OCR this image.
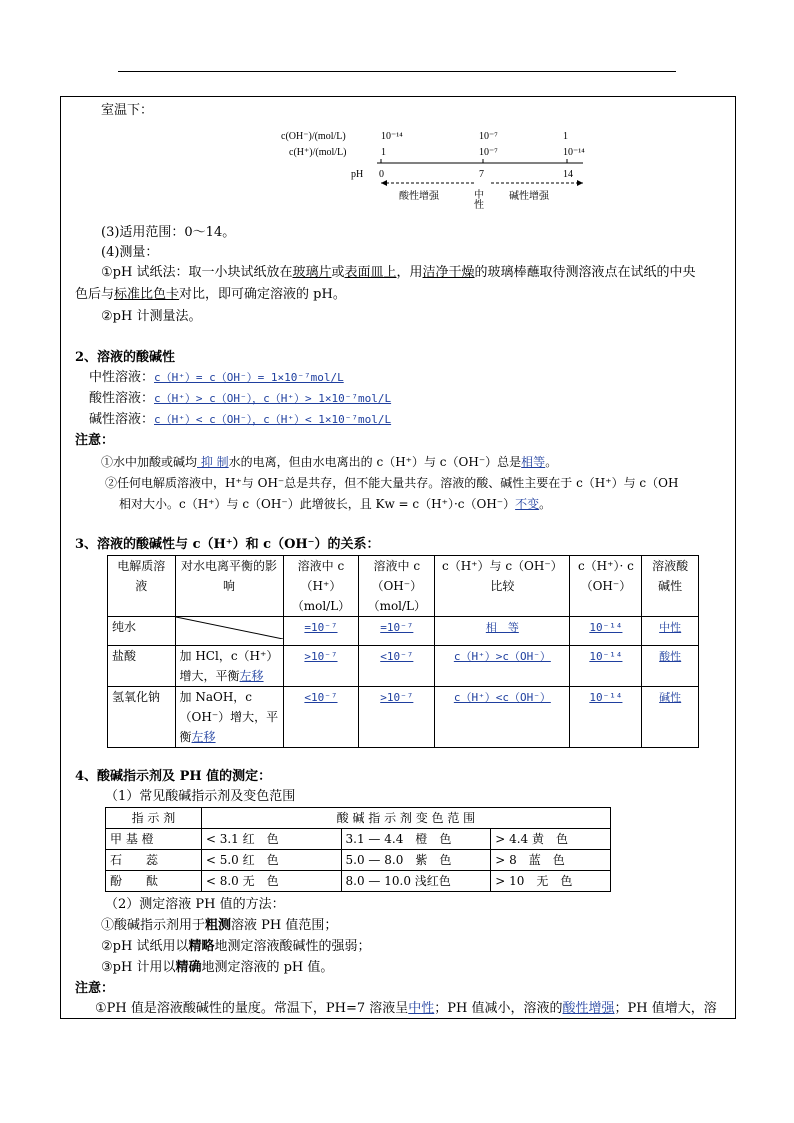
室温下：
c(OH⁻)/(mol/L)	10⁻¹⁴	10⁻⁷	1
c(H⁺)/(mol/L)	1	10⁻⁷	10⁻¹⁴
pH 0	7	14
酸性增强	中性	碱性增强
(3)适用范围：0～14。
(4)测量：
①pH 试纸法：取一小块试纸放在玻璃片或表面皿上，用洁净干燥的玻璃棒蘸取待测溶液点在试纸的中央
色后与标准比色卡对比，即可确定溶液的 pH。
②pH 计测量法。
2、溶液的酸碱性
中性溶液：c（H⁺）= c（OH⁻）= 1×10⁻⁷mol/L
酸性溶液：c（H⁺）> c（OH⁻），c（H⁺）> 1×10⁻⁷mol/L
碱性溶液：c（H⁺）< c（OH⁻），c（H⁺）< 1×10⁻⁷mol/L
注意：
①水中加酸或碱均 抑 制水的电离，但由水电离出的 c（H⁺）与 c（OH⁻）总是相等。
②任何电解质溶液中，H⁺与 OH⁻总是共存，但不能大量共存。溶液的酸、碱性主要在于 c（H⁺）与 c（OH
相对大小。c（H⁺）与 c（OH⁻）此增彼长，且 Kw = c（H⁺）·c（OH⁻）不变。
3、溶液的酸碱性与 c（H⁺）和 c（OH⁻）的关系：
电解质溶液	对水电离平衡的影响	溶液中 c（H⁺）（mol/L）	溶液中 c（OH⁻）（mol/L）	c（H⁺）与 c（OH⁻）比较	c（H⁺）· c（OH⁻）	溶液酸碱性
纯水		=10⁻⁷	=10⁻⁷	相　等	10⁻¹⁴	中性
盐酸	加 HCl，c（H⁺）增大，平衡左移	>10⁻⁷	<10⁻⁷	c（H⁺）>c（OH⁻）	10⁻¹⁴	酸性
氢氧化钠	加 NaOH，c（OH⁻）增大，平衡左移	<10⁻⁷	>10⁻⁷	c（H⁺）<c（OH⁻）	10⁻¹⁴	碱性
4、酸碱指示剂及 PH 值的测定：
（1）常见酸碱指示剂及变色范围
指 示 剂	酸 碱 指 示 剂 变 色 范 围		
甲 基 橙	< 3.1 红　色	3.1 — 4.4　橙　色	> 4.4 黄　色
石　　蕊	< 5.0 红　色	5.0 — 8.0　紫　色	> 8　蓝　色
酚　　酞	< 8.0 无　色	8.0 — 10.0 浅红色	> 10　无　色
（2）测定溶液 PH 值的方法：
①酸碱指示剂用于粗测溶液 PH 值范围；
②pH 试纸用以精略地测定溶液酸碱性的强弱；
③pH 计用以精确地测定溶液的 pH 值。
注意：
①PH 值是溶液酸碱性的量度。常温下，PH=7 溶液呈中性；PH 值减小，溶液的酸性增强；PH 值增大，溶
